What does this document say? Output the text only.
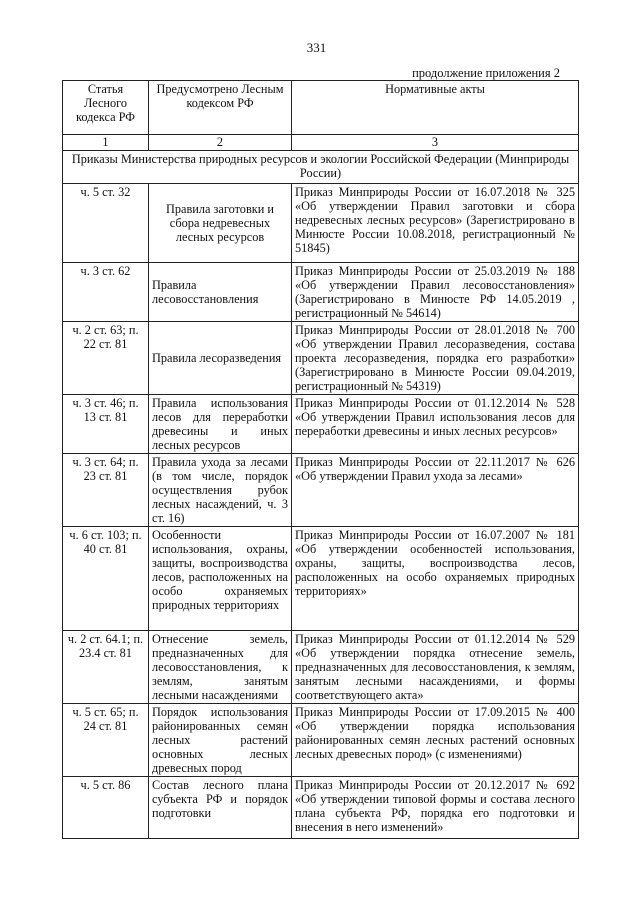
331
продолжение приложения 2
Статья Лесного кодекса РФ	Предусмотрено Лесным кодексом РФ	Нормативные акты
1	2	3
Приказы Министерства природных ресурсов и экологии Российской Федерации (Минприроды России)		
ч. 5 ст. 32	Правила заготовки и сбора недревесных лесных ресурсов	Приказ Минприроды России от 16.07.2018 № 325 «Об утверждении Правил заготовки и сбора недревесных лесных ресурсов» (Зарегистрировано в Минюсте России 10.08.2018, регистрационный № 51845)
ч. 3 ст. 62	Правила лесовосстановления	Приказ Минприроды России от 25.03.2019 № 188 «Об утверждении Правил лесовосстановления» (Зарегистрировано в Минюсте РФ 14.05.2019 , регистрационный № 54614)
ч. 2 ст. 63; п. 22 ст. 81	Правила лесоразведения	Приказ Минприроды России от 28.01.2018 № 700 «Об утверждении Правил лесоразведения, состава проекта лесоразведения, порядка его разработки» (Зарегистрировано в Минюсте России 09.04.2019, регистрационный № 54319)
ч. 3 ст. 46; п. 13 ст. 81	Правила использования лесов для переработки древесины и иных лесных ресурсов	Приказ Минприроды России от 01.12.2014 № 528 «Об утверждении Правил использования лесов для переработки древесины и иных лесных ресурсов»
ч. 3 ст. 64; п. 23 ст. 81	Правила ухода за лесами (в том числе, порядок осуществления рубок лесных насаждений, ч. 3 ст. 16)	Приказ Минприроды России от 22.11.2017 № 626 «Об утверждении Правил ухода за лесами»
ч. 6 ст. 103; п. 40 ст. 81	Особенности использования, охраны, защиты, воспроизводства лесов, расположенных на особо охраняемых природных территориях	Приказ Минприроды России от 16.07.2007 № 181 «Об утверждении особенностей использования, охраны, защиты, воспроизводства лесов, расположенных на особо охраняемых природных территориях»
ч. 2 ст. 64.1; п. 23.4 ст. 81	Отнесение земель, предназначенных для лесовосстановления, к землям, занятым лесными насаждениями	Приказ Минприроды России от 01.12.2014 № 529 «Об утверждении порядка отнесение земель, предназначенных для лесовосстановления, к землям, занятым лесными насаждениями, и формы соответствующего акта»
ч. 5 ст. 65; п. 24 ст. 81	Порядок использования районированных семян лесных растений основных лесных древесных пород	Приказ Минприроды России от 17.09.2015 № 400 «Об утверждении порядка использования районированных семян лесных растений основных лесных древесных пород» (с изменениями)
ч. 5 ст. 86	Состав лесного плана субъекта РФ и порядок подготовки	Приказ Минприроды России от 20.12.2017 № 692 «Об утверждении типовой формы и состава лесного плана субъекта РФ, порядка его подготовки и внесения в него изменений»
